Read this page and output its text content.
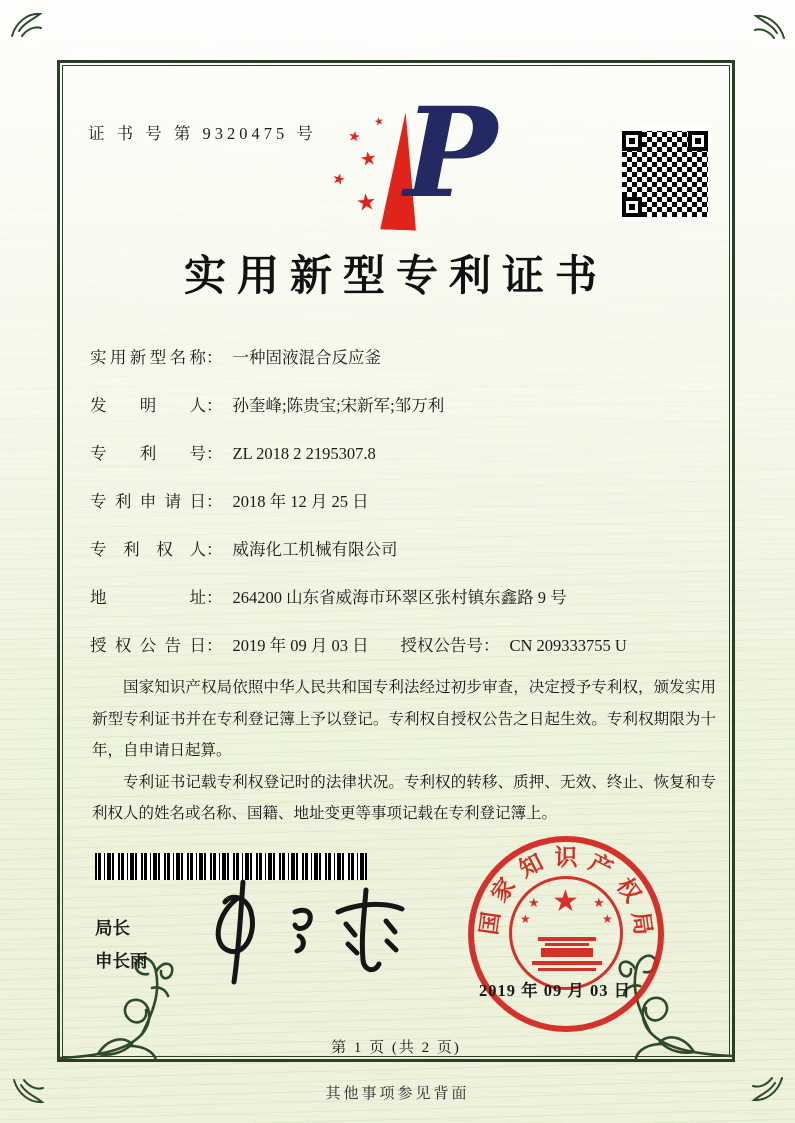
证 书 号 第 9320475 号
★
★
★
★
★ P
实用新型专利证书
实用新型名称： 一种固液混合反应釜
发明人： 孙奎峰;陈贵宝;宋新军;邹万利
专利号： ZL 2018 2 2195307.8
专利申请日： 2018 年 12 月 25 日
专利权人： 威海化工机械有限公司
地址： 264200 山东省威海市环翠区张村镇东鑫路 9 号
授权公告日： 2019 年 09 月 03 日 授权公告号： CN 209333755 U

国家知识产权局依照中华人民共和国专利法经过初步审查，决定授予专利权，颁发实用新型专利证书并在专利登记簿上予以登记。专利权自授权公告之日起生效。专利权期限为十年，自申请日起算。

专利证书记载专利权登记时的法律状况。专利权的转移、质押、无效、终止、恢复和专利权人的姓名或名称、国籍、地址变更等事项记载在专利登记簿上。

局长
申长雨
国
家
知 识 产
权
局
★
★	★
★	★
2019 年 09 月 03 日
第 1 页 (共 2 页)
其他事项参见背面
